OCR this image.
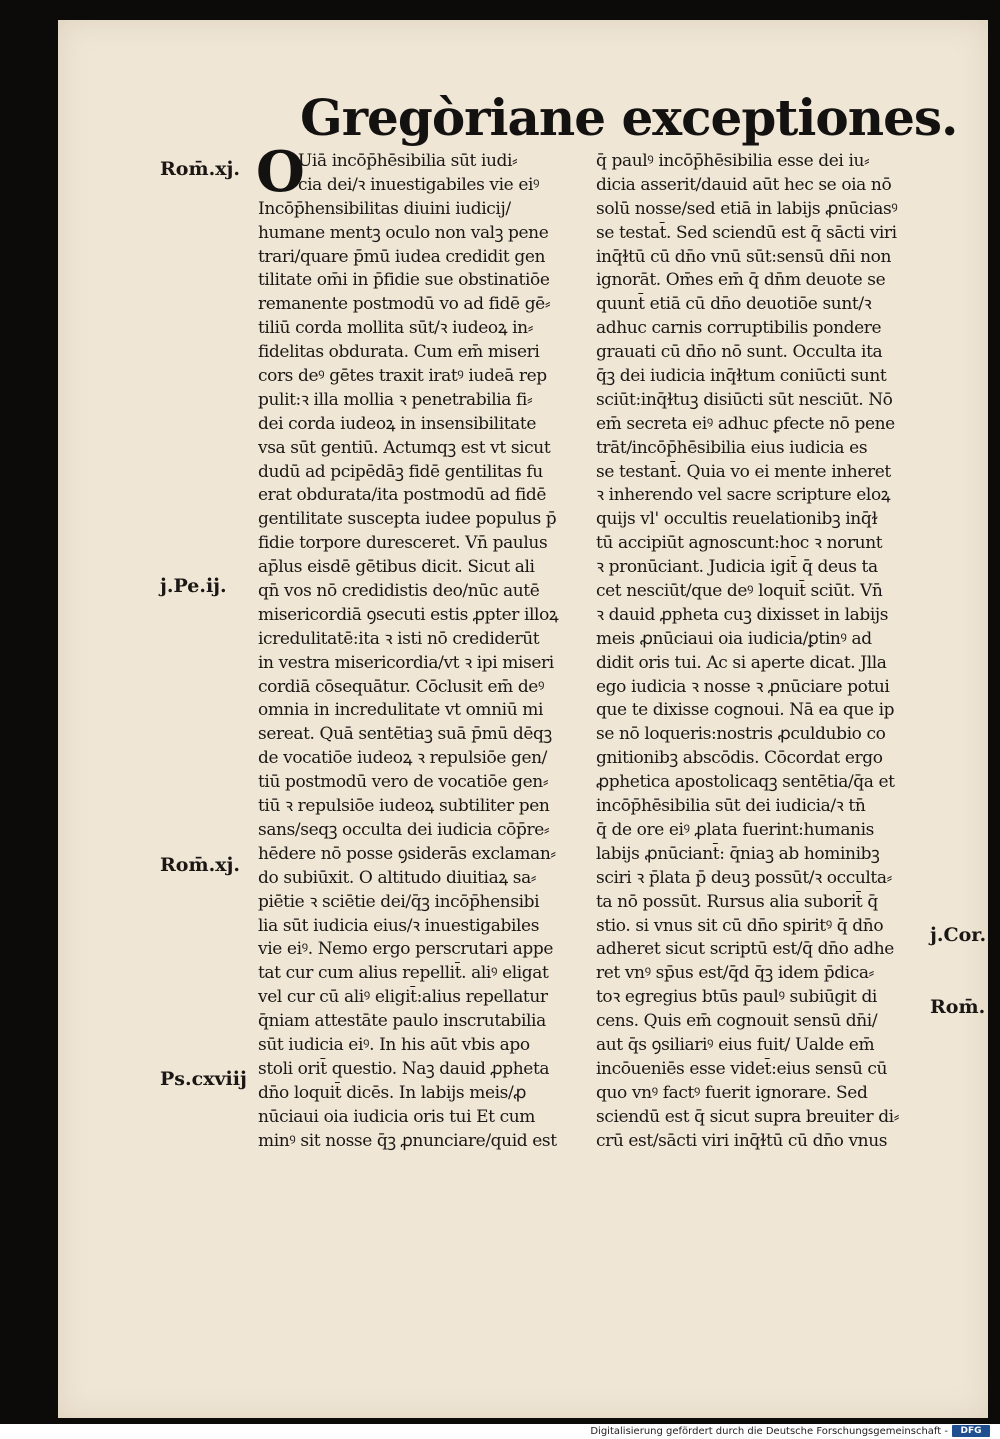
Gregòriane exceptiones.
O
Uiā incōp̄hēsibilia sūt iudi⸗
cia dei/ꝛ inuestigabiles vie eiꝰ
Incōp̄hensibilitas diuini iudicij/
humane mentꝫ oculo non valꝫ pene
trari/quare p̄mū iudea credidit gen
tilitate om̄i in p̄fidie sue obstinatiōe
remanente postmodū vo ad fidē gē⸗
tiliū corda mollita sūt/ꝛ iudeoꝝ in⸗
fidelitas obdurata. Cum em̄ miseri
cors deꝰ gētes traxit iratꝰ iudeā rep
pulit:ꝛ illa mollia ꝛ penetrabilia fi⸗
dei corda iudeoꝝ in insensibilitate
vsa sūt gentiū. Actumqꝫ est vt sicut
dudū ad pcipēdāꝫ fidē gentilitas fu
erat obdurata/ita postmodū ad fidē
gentilitate suscepta iudee populus p̄
fidie torpore duresceret. Vn̄ paulus
ap̄lus eisdē gētibus dicit. Sicut ali
qn̄ vos nō credidistis deo/nūc autē
misericordiā ꝯsecuti estis ꝓpter illoꝝ
icredulitatē:ita ꝛ isti nō crediderūt
in vestra misericordia/vt ꝛ ipi miseri
cordiā cōsequātur. Cōclusit em̄ deꝰ
omnia in incredulitate vt omniū mi
sereat. Quā sentētiaꝫ suā p̄mū dēqꝫ
de vocatiōe iudeoꝝ ꝛ repulsiōe gen/
tiū postmodū vero de vocatiōe gen⸗
tiū ꝛ repulsiōe iudeoꝝ subtiliter pen
sans/seqꝫ occulta dei iudicia cōp̄re⸗
hēdere nō posse ꝯsiderās exclaman⸗
do subiūxit. O altitudo diuitiaꝝ sa⸗
piētie ꝛ sciētie dei/q̄ꝫ incōp̄hensibi
lia sūt iudicia eius/ꝛ inuestigabiles
vie eiꝰ. Nemo ergo perscrutari appe
tat cur cum alius repellit̄. aliꝰ eligat
vel cur cū aliꝰ eligit̄:alius repellatur
q̄niam attestāte paulo inscrutabilia
sūt iudicia eiꝰ. In his aūt vbis apo
stoli orit̄ questio. Naꝫ dauid ꝓpheta
dn̄o loquit̄ dicēs. In labijs meis/ꝓ
nūciaui oia iudicia oris tui Et cum
minꝰ sit nosse q̄ꝫ ꝓnunciare/quid est
q̄ paulꝰ incōp̄hēsibilia esse dei iu⸗
dicia asserit/dauid aūt hec se oia nō
solū nosse/sed etiā in labijs ꝓnūciasꝰ
se testat̄. Sed sciendū est q̄ sācti viri
inq̄ɫtū cū dn̄o vnū sūt:sensū dn̄i non
ignorāt. Om̄es em̄ q̄ dn̄m deuote se
quunt̄ etiā cū dn̄o deuotiōe sunt/ꝛ
adhuc carnis corruptibilis pondere
grauati cū dn̄o nō sunt. Occulta ita
q̄ꝫ dei iudicia inq̄ɫtum coniūcti sunt
sciūt:inq̄ɫtuꝫ disiūcti sūt nesciūt. Nō
em̄ secreta eiꝰ adhuc ꝑfecte nō pene
trāt/incōp̄hēsibilia eius iudicia es
se testant̄. Quia vo ei mente inheret
ꝛ inherendo vel sacre scripture eloꝝ
quijs vl' occultis reuelationibꝫ inq̄ɫ
tū accipiūt agnoscunt:hoc ꝛ norunt
ꝛ pronūciant. Judicia igit̄ q̄ deus ta
cet nesciūt/que deꝰ loquit̄ sciūt. Vn̄
ꝛ dauid ꝓpheta cuꝫ dixisset in labijs
meis ꝓnūciaui oia iudicia/ꝑtinꝰ ad
didit oris tui. Ac si aperte dicat. Jlla
ego iudicia ꝛ nosse ꝛ ꝓnūciare potui
que te dixisse cognoui. Nā ea que ip
se nō loqueris:nostris ꝓculdubio co
gnitionibꝫ abscōdis. Cōcordat ergo
ꝓphetica apostolicaqꝫ sentētia/q̄a et
incōp̄hēsibilia sūt dei iudicia/ꝛ tn̄
q̄ de ore eiꝰ ꝓlata fuerint:humanis
labijs ꝓnūciant̄: q̄niaꝫ ab hominibꝫ
sciri ꝛ p̄lata p̄ deuꝫ possūt/ꝛ occulta⸗
ta nō possūt. Rursus alia subori̇t̄ q̄
stio. si vnus sit cū dn̄o spiritꝰ q̄ dn̄o
adheret sicut scriptū est/q̄ dn̄o adhe
ret vnꝰ sp̄us est/q̄d q̄ꝫ idem p̄dica⸗
toꝛ egregius btūs paulꝰ subiūgit di
cens. Quis em̄ cognouit sensū dn̄i/
aut q̄s ꝯsiliariꝰ eius fuit/ Ualde em̄
incōueniēs esse videt̄:eius sensū cū
quo vnꝰ factꝰ fuerit ignorare. Sed
sciendū est q̄ sicut supra breuiter di⸗
crū est/sācti viri inq̄ɫtū cū dn̄o vnus
Rom̄.xj.
j.Pe.ij.
Rom̄.xj.
Ps.cxviij
j.Cor.
Rom̄.
Digitalisierung gefördert durch die Deutsche Forschungsgemeinschaft -	DFG
